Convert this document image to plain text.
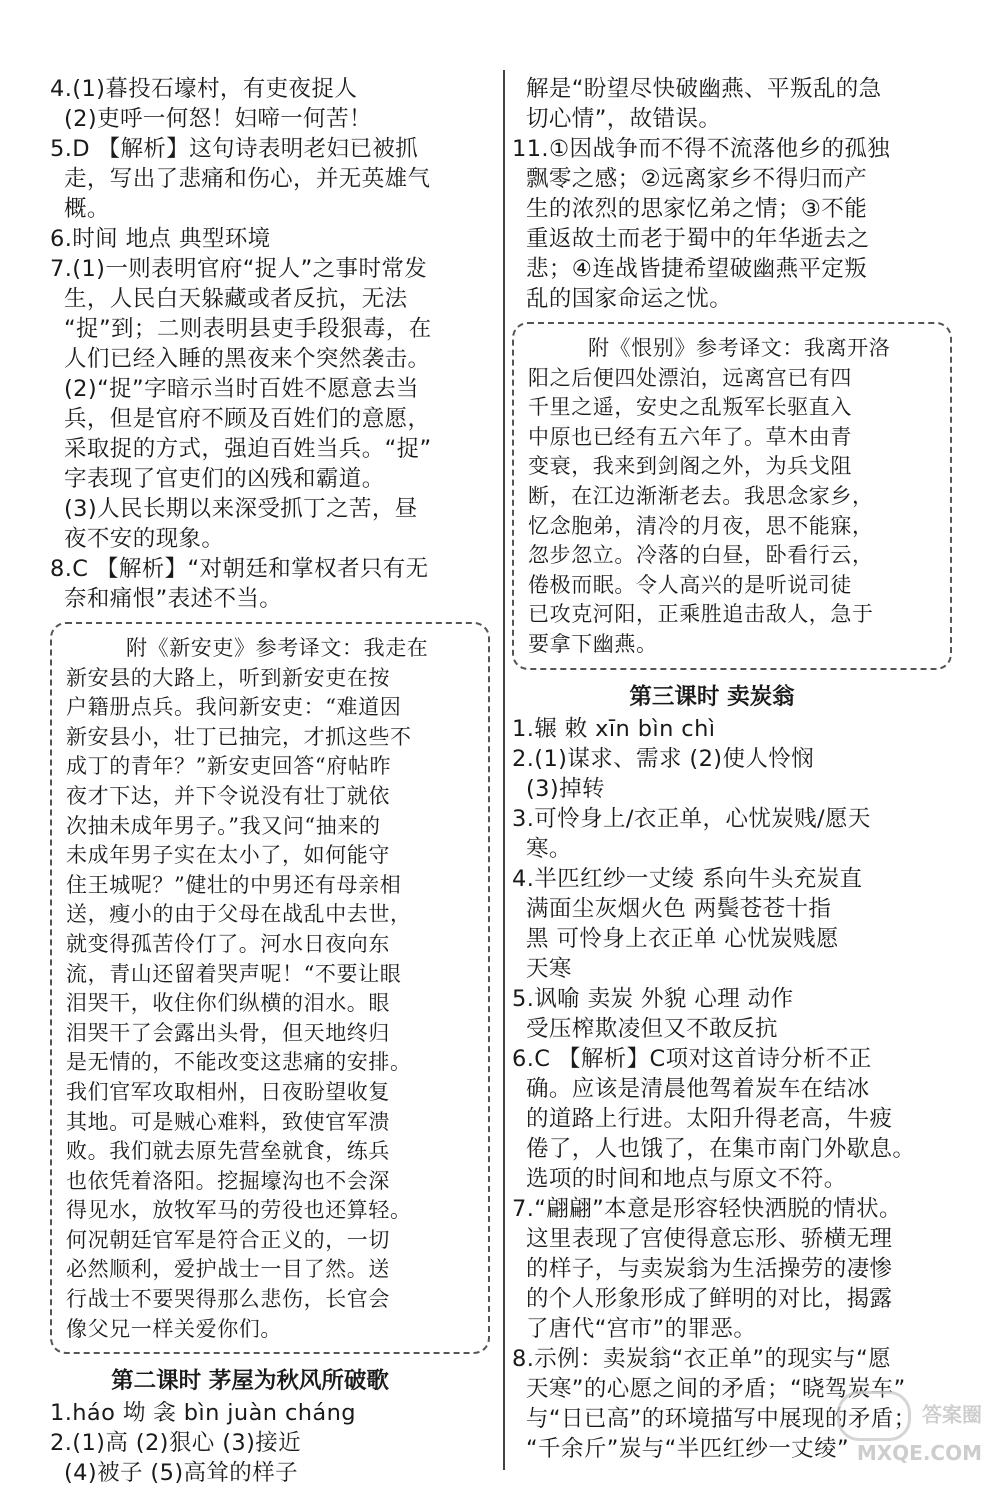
4.(1)暮投石壕村，有吏夜捉人
(2)吏呼一何怒！妇啼一何苦！
5.D 【解析】这句诗表明老妇已被抓
走，写出了悲痛和伤心，并无英雄气
概。
6.时间 地点 典型环境
7.(1)一则表明官府“捉人”之事时常发
生，人民白天躲藏或者反抗，无法
“捉”到；二则表明县吏手段狠毒，在
人们已经入睡的黑夜来个突然袭击。
(2)“捉”字暗示当时百姓不愿意去当
兵，但是官府不顾及百姓们的意愿，
采取捉的方式，强迫百姓当兵。“捉”
字表现了官吏们的凶残和霸道。
(3)人民长期以来深受抓丁之苦，昼
夜不安的现象。
8.C 【解析】“对朝廷和掌权者只有无
奈和痛恨”表述不当。
附《新安吏》参考译文：我走在
新安县的大路上，听到新安吏在按
户籍册点兵。我问新安吏：“难道因
新安县小，壮丁已抽完，才抓这些不
成丁的青年？”新安吏回答“府帖昨
夜才下达，并下令说没有壮丁就依
次抽未成年男子。”我又问“抽来的
未成年男子实在太小了，如何能守
住王城呢？”健壮的中男还有母亲相
送，瘦小的由于父母在战乱中去世，
就变得孤苦伶仃了。河水日夜向东
流，青山还留着哭声呢！“不要让眼
泪哭干，收住你们纵横的泪水。眼
泪哭干了会露出头骨，但天地终归
是无情的，不能改变这悲痛的安排。
我们官军攻取相州，日夜盼望收复
其地。可是贼心难料，致使官军溃
败。我们就去原先营垒就食，练兵
也依凭着洛阳。挖掘壕沟也不会深
得见水，放牧军马的劳役也还算轻。
何况朝廷官军是符合正义的，一切
必然顺利，爱护战士一目了然。送
行战士不要哭得那么悲伤，长官会
像父兄一样关爱你们。
第二课时 茅屋为秋风所破歌
1.háo 坳 衾 bìn juàn cháng
2.(1)高 (2)狠心 (3)接近
(4)被子 (5)高耸的样子
解是“盼望尽快破幽燕、平叛乱的急
切心情”，故错误。
11.①因战争而不得不流落他乡的孤独
飘零之感；②远离家乡不得归而产
生的浓烈的思家忆弟之情；③不能
重返故土而老于蜀中的年华逝去之
悲；④连战皆捷希望破幽燕平定叛
乱的国家命运之忧。
附《恨别》参考译文：我离开洛
阳之后便四处漂泊，远离宫已有四
千里之遥，安史之乱叛军长驱直入
中原也已经有五六年了。草木由青
变衰，我来到剑阁之外，为兵戈阻
断，在江边渐渐老去。我思念家乡，
忆念胞弟，清冷的月夜，思不能寐，
忽步忽立。冷落的白昼，卧看行云，
倦极而眠。令人高兴的是听说司徒
已攻克河阳，正乘胜追击敌人，急于
要拿下幽燕。
第三课时 卖炭翁
1.辗 敕 xīn bìn chì
2.(1)谋求、需求 (2)使人怜悯
(3)掉转
3.可怜身上/衣正单，心忧炭贱/愿天
寒。
4.半匹红纱一丈绫 系向牛头充炭直
满面尘灰烟火色 两鬓苍苍十指
黑 可怜身上衣正单 心忧炭贱愿
天寒
5.讽喻 卖炭 外貌 心理 动作
受压榨欺凌但又不敢反抗
6.C 【解析】C项对这首诗分析不正
确。应该是清晨他驾着炭车在结冰
的道路上行进。太阳升得老高，牛疲
倦了，人也饿了，在集市南门外歇息。
选项的时间和地点与原文不符。
7.“翩翩”本意是形容轻快洒脱的情状。
这里表现了宫使得意忘形、骄横无理
的样子，与卖炭翁为生活操劳的凄惨
的个人形象形成了鲜明的对比，揭露
了唐代“宫市”的罪恶。
8.示例：卖炭翁“衣正单”的现实与“愿
天寒”的心愿之间的矛盾；“晓驾炭车”
与“日已高”的环境描写中展现的矛盾；
“千余斤”炭与“半匹红纱一丈绫”
答案圈
MXQE.COM
